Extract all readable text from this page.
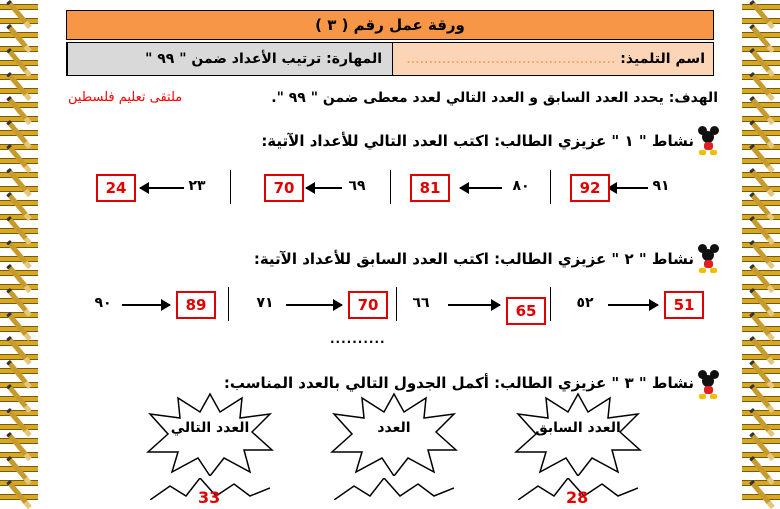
ورقة عمل رقم ( ٣ )
اسم التلميذ: ...............................................
المهارة: ترتيب الأعداد ضمن " ٩٩ "
الهدف: يحدد العدد السابق و العدد التالي لعدد معطى ضمن " ٩٩ ".
ملتقى تعليم فلسطين
نشاط " ١ " عزيزي الطالب: اكتب العدد التالي للأعداد الآتية:
٩١
92
٨٠
81
٦٩
70
٢٣
24
نشاط " ٢ " عزيزي الطالب: اكتب العدد السابق للأعداد الآتية:
51
٥٢
65
٦٦
70
٧١
89
٩٠
..........
نشاط " ٣ " عزيزي الطالب: أكمل الجدول التالي بالعدد المناسب:
العدد السابق
العدد
العدد التالي
33	28
